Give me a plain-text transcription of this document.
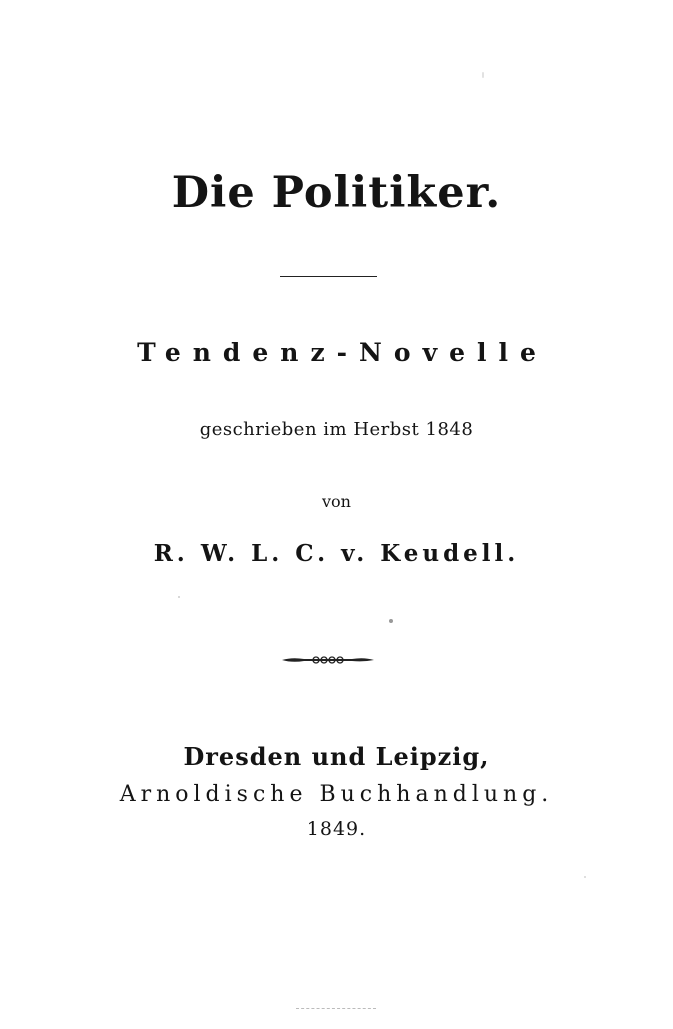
Die Politiker.
Tendenz-Novelle
geschrieben im Herbst 1848
von
R. W. L. C. v. Keudell.
Dresden und Leipzig,
Arnoldische Buchhandlung.
1849.
